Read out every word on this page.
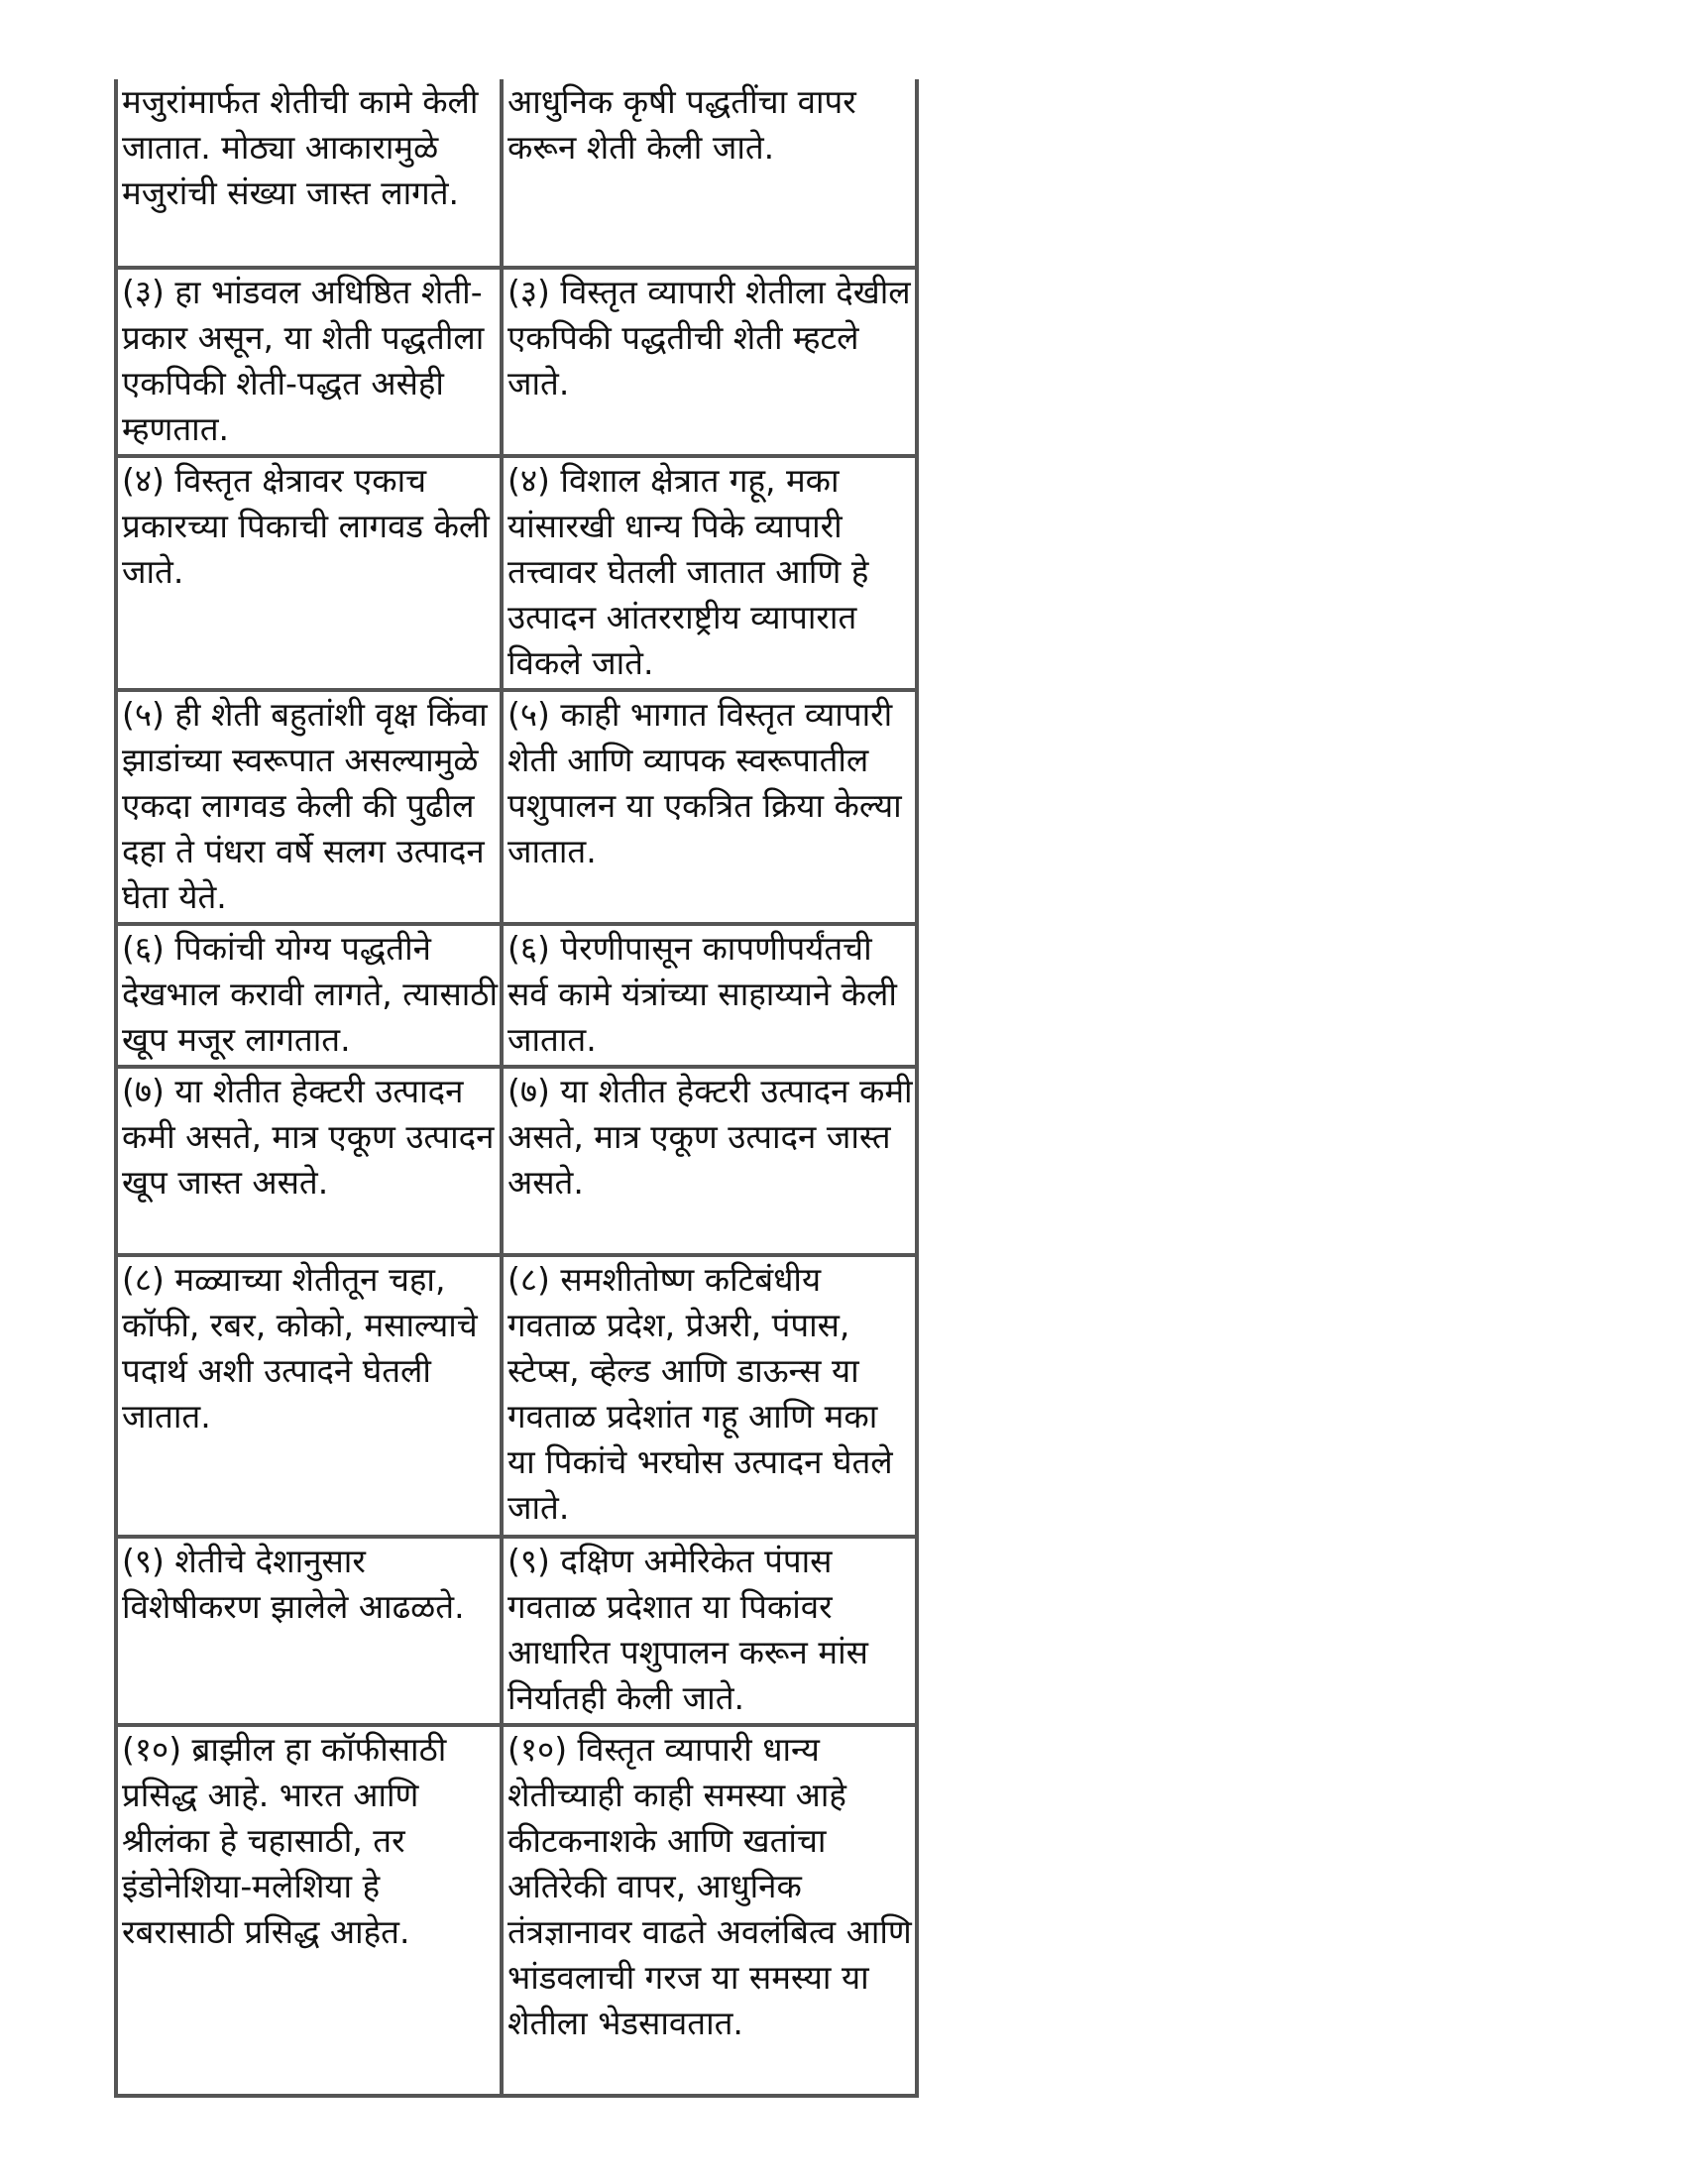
मजुरांमार्फत शेतीची कामे केली जातात. मोठ्या आकारामुळे मजुरांची संख्या जास्त लागते.	आधुनिक कृषी पद्धतींचा वापर करून शेती केली जाते.
(३) हा भांडवल अधिष्ठित शेती-प्रकार असून, या शेती पद्धतीला एकपिकी शेती-पद्धत असेही म्हणतात.	(३) विस्तृत व्यापारी शेतीला देखील एकपिकी पद्धतीची शेती म्हटले जाते.
(४) विस्तृत क्षेत्रावर एकाच प्रकारच्या पिकाची लागवड केली जाते.	(४) विशाल क्षेत्रात गहू, मका यांसारखी धान्य पिके व्यापारी तत्त्वावर घेतली जातात आणि हे उत्पादन आंतरराष्ट्रीय व्यापारात विकले जाते.
(५) ही शेती बहुतांशी वृक्ष किंवा झाडांच्या स्वरूपात असल्यामुळे एकदा लागवड केली की पुढील दहा ते पंधरा वर्षे सलग उत्पादन घेता येते.	(५) काही भागात विस्तृत व्यापारी शेती आणि व्यापक स्वरूपातील पशुपालन या एकत्रित क्रिया केल्या जातात.
(६) पिकांची योग्य पद्धतीने देखभाल करावी लागते, त्यासाठी खूप मजूर लागतात.	(६) पेरणीपासून कापणीपर्यंतची सर्व कामे यंत्रांच्या साहाय्याने केली जातात.
(७) या शेतीत हेक्टरी उत्पादन कमी असते, मात्र एकूण उत्पादन खूप जास्त असते.	(७) या शेतीत हेक्टरी उत्पादन कमी असते, मात्र एकूण उत्पादन जास्त असते.
(८) मळ्याच्या शेतीतून चहा, कॉफी, रबर, कोको, मसाल्याचे पदार्थ अशी उत्पादने घेतली जातात.	(८) समशीतोष्ण कटिबंधीय गवताळ प्रदेश, प्रेअरी, पंपास, स्टेप्स, व्हेल्ड आणि डाऊन्स या गवताळ प्रदेशांत गहू आणि मका या पिकांचे भरघोस उत्पादन घेतले जाते.
(९) शेतीचे देशानुसार विशेषीकरण झालेले आढळते.	(९) दक्षिण अमेरिकेत पंपास गवताळ प्रदेशात या पिकांवर आधारित पशुपालन करून मांस निर्यातही केली जाते.
(१०) ब्राझील हा कॉफीसाठी प्रसिद्ध आहे. भारत आणि श्रीलंका हे चहासाठी, तर इंडोनेशिया-मलेशिया हे रबरासाठी प्रसिद्ध आहेत.	(१०) विस्तृत व्यापारी धान्य शेतीच्याही काही समस्या आहे कीटकनाशके आणि खतांचा अतिरेकी वापर, आधुनिक तंत्रज्ञानावर वाढते अवलंबित्व आणि भांडवलाची गरज या समस्या या शेतीला भेडसावतात.
